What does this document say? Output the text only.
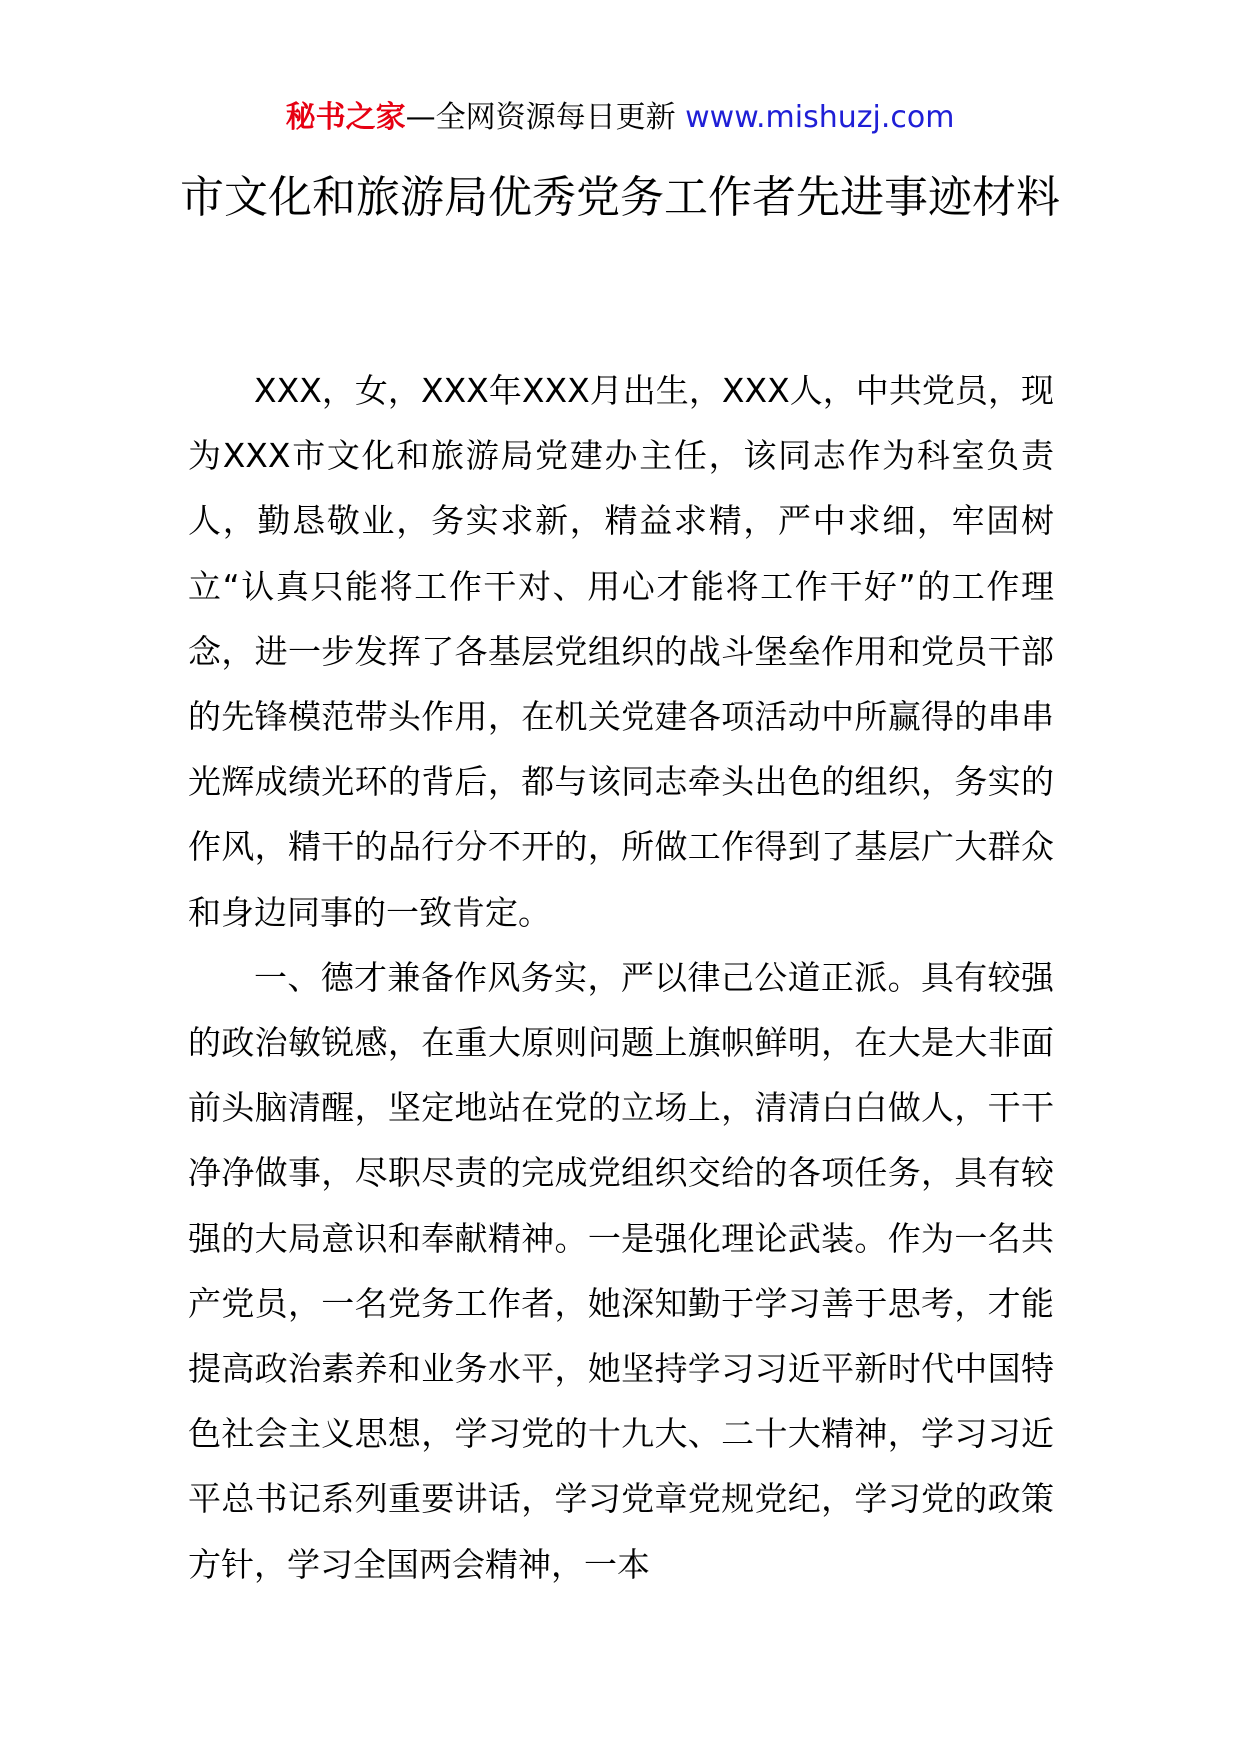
秘书之家—全网资源每日更新 www.mishuzj.com
市文化和旅游局优秀党务工作者先进事迹材料

XXX，女，XXX年XXX月出生，XXX人，中共党员，现为XXX市文化和旅游局党建办主任，该同志作为科室负责人，勤恳敬业，务实求新，精益求精，严中求细，牢固树立“认真只能将工作干对、用心才能将工作干好”的工作理念，进一步发挥了各基层党组织的战斗堡垒作用和党员干部的先锋模范带头作用，在机关党建各项活动中所赢得的串串光辉成绩光环的背后，都与该同志牵头出色的组织，务实的作风，精干的品行分不开的，所做工作得到了基层广大群众和身边同事的一致肯定。

一、德才兼备作风务实，严以律己公道正派。具有较强的政治敏锐感，在重大原则问题上旗帜鲜明，在大是大非面前头脑清醒，坚定地站在党的立场上，清清白白做人，干干净净做事，尽职尽责的完成党组织交给的各项任务，具有较强的大局意识和奉献精神。一是强化理论武装。作为一名共产党员，一名党务工作者，她深知勤于学习善于思考，才能提高政治素养和业务水平，她坚持学习习近平新时代中国特色社会主义思想，学习党的十九大、二十大精神，学习习近平总书记系列重要讲话，学习党章党规党纪，学习党的政策方针，学习全国两会精神，一本
